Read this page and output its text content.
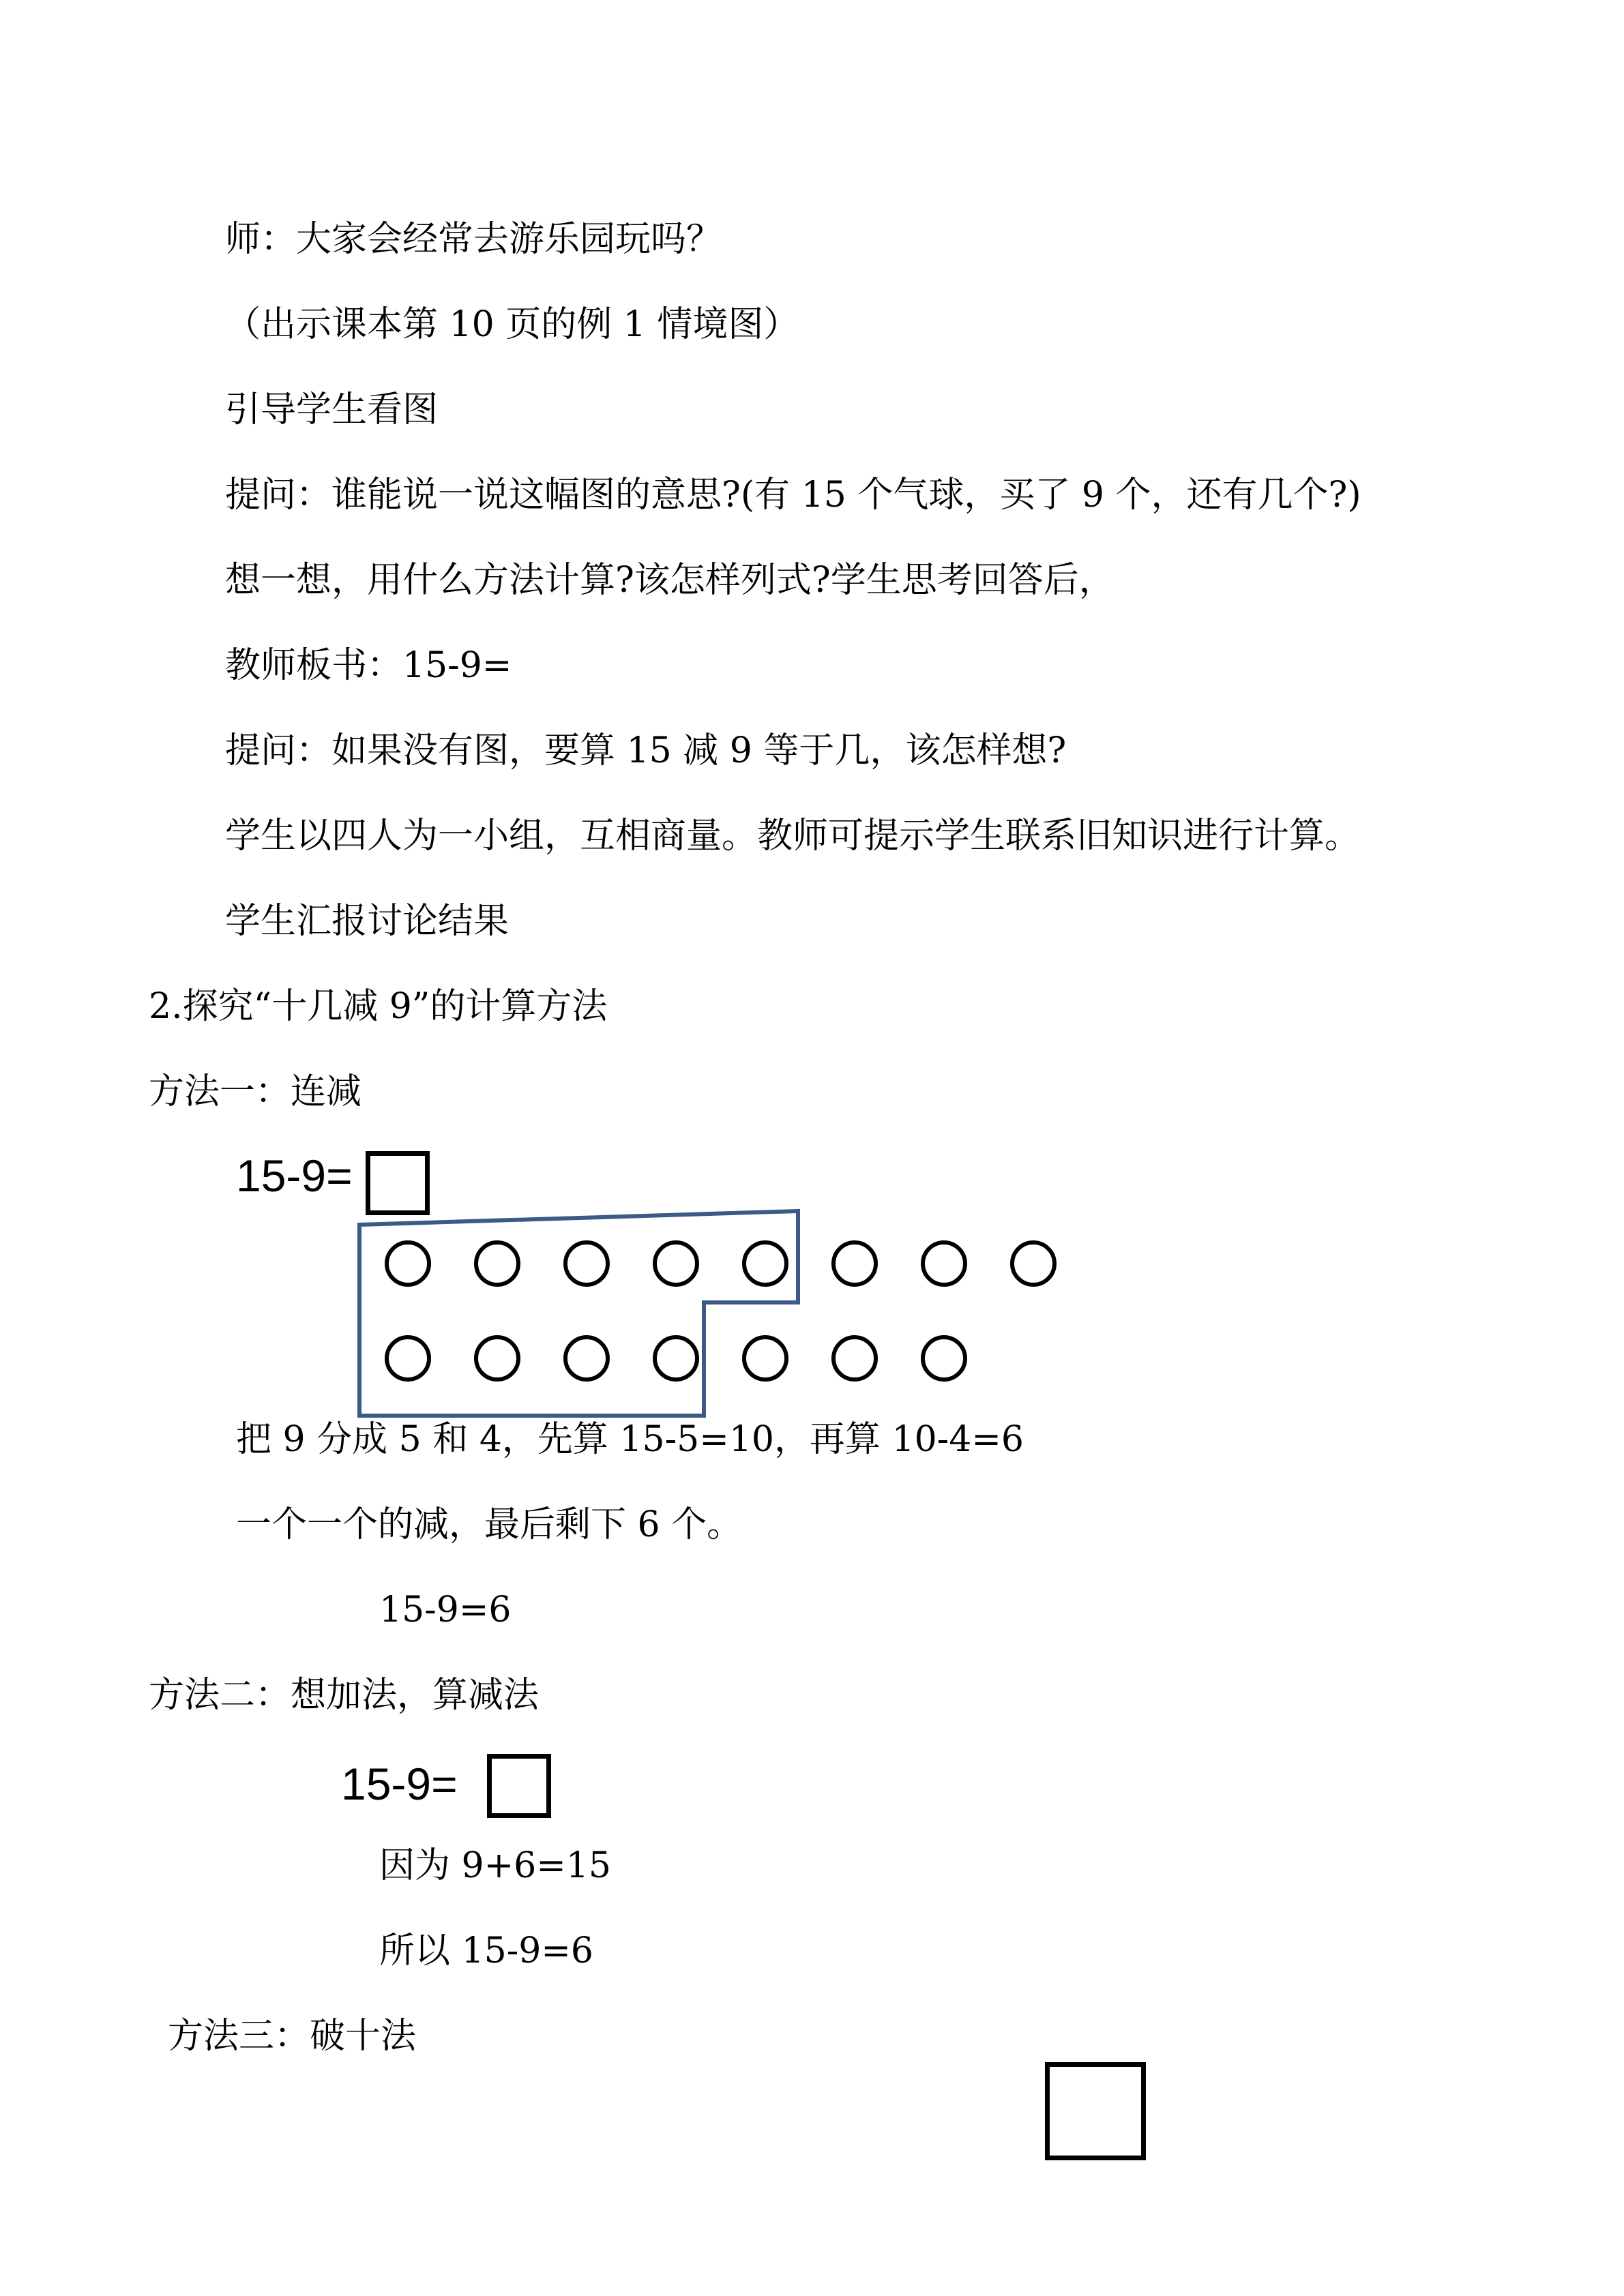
师：大家会经常去游乐园玩吗？
（出示课本第 10 页的例 1 情境图）
引导学生看图
提问：谁能说一说这幅图的意思?(有 15 个气球，买了 9 个，还有几个?)
想一想，用什么方法计算?该怎样列式?学生思考回答后，
教师板书：15-9=
提问：如果没有图，要算 15 减 9 等于几，该怎样想?
学生以四人为一小组，互相商量。教师可提示学生联系旧知识进行计算。
学生汇报讨论结果
2.探究“十几减 9”的计算方法
方法一：连减
15-9=
把 9 分成 5 和 4，先算 15-5=10，再算 10-4=6
一个一个的减，最后剩下 6 个。
15-9=6
方法二：想加法，算减法
15-9=
因为 9+6=15
所以 15-9=6
方法三：破十法
